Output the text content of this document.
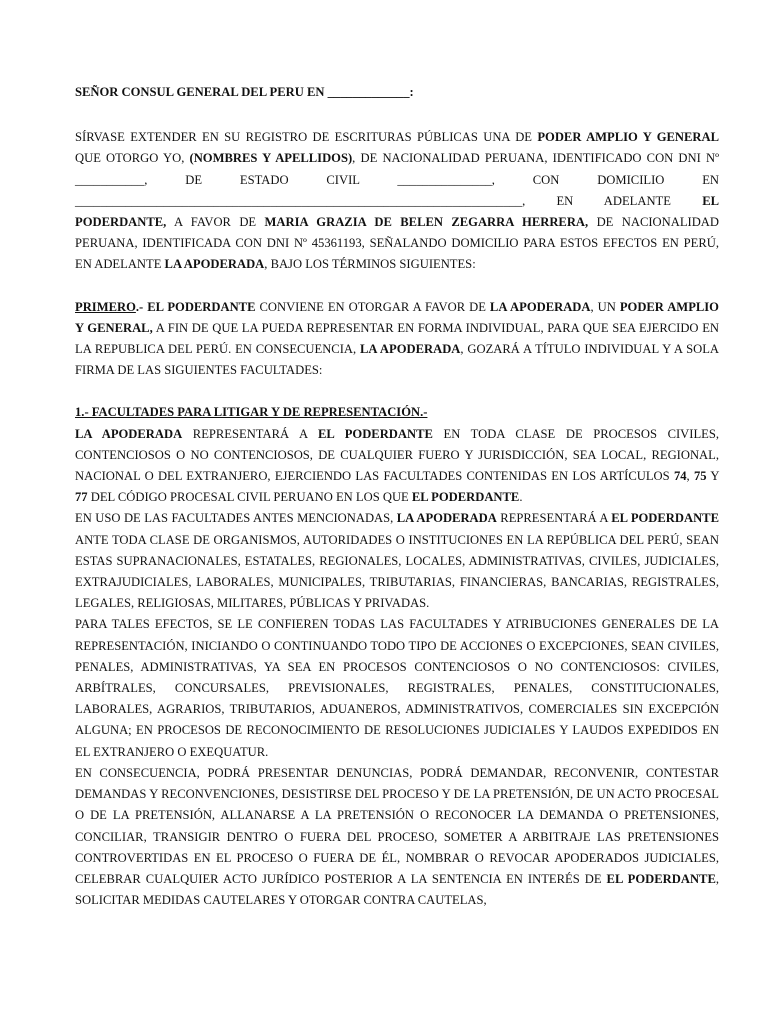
SEÑOR CONSUL GENERAL DEL PERU EN _____________:

SÍRVASE EXTENDER EN SU REGISTRO DE ESCRITURAS PÚBLICAS UNA DE PODER AMPLIO Y GENERAL QUE OTORGO YO, (NOMBRES Y APELLIDOS), DE NACIONALIDAD PERUANA, IDENTIFICADO CON DNI Nº ___________, DE ESTADO CIVIL _______________, CON DOMICILIO EN _______________________________________________________________________, EN ADELANTE EL PODERDANTE, A FAVOR DE MARIA GRAZIA DE BELEN ZEGARRA HERRERA, DE NACIONALIDAD PERUANA, IDENTIFICADA CON DNI Nº 45361193, SEÑALANDO DOMICILIO PARA ESTOS EFECTOS EN PERÚ, EN ADELANTE LA APODERADA, BAJO LOS TÉRMINOS SIGUIENTES:

PRIMERO.- EL PODERDANTE CONVIENE EN OTORGAR A FAVOR DE LA APODERADA, UN PODER AMPLIO Y GENERAL, A FIN DE QUE LA PUEDA REPRESENTAR EN FORMA INDIVIDUAL, PARA QUE SEA EJERCIDO EN LA REPUBLICA DEL PERÚ. EN CONSECUENCIA, LA APODERADA, GOZARÁ A TÍTULO INDIVIDUAL Y A SOLA FIRMA DE LAS SIGUIENTES FACULTADES:

1.- FACULTADES PARA LITIGAR Y DE REPRESENTACIÓN.-

LA APODERADA REPRESENTARÁ A EL PODERDANTE EN TODA CLASE DE PROCESOS CIVILES, CONTENCIOSOS O NO CONTENCIOSOS, DE CUALQUIER FUERO Y JURISDICCIÓN, SEA LOCAL, REGIONAL, NACIONAL O DEL EXTRANJERO, EJERCIENDO LAS FACULTADES CONTENIDAS EN LOS ARTÍCULOS 74, 75 Y 77 DEL CÓDIGO PROCESAL CIVIL PERUANO EN LOS QUE EL PODERDANTE.

EN USO DE LAS FACULTADES ANTES MENCIONADAS, LA APODERADA REPRESENTARÁ A EL PODERDANTE ANTE TODA CLASE DE ORGANISMOS, AUTORIDADES O INSTITUCIONES EN LA REPÚBLICA DEL PERÚ, SEAN ESTAS SUPRANACIONALES, ESTATALES, REGIONALES, LOCALES, ADMINISTRATIVAS, CIVILES, JUDICIALES, EXTRAJUDICIALES, LABORALES, MUNICIPALES, TRIBUTARIAS, FINANCIERAS, BANCARIAS, REGISTRALES, LEGALES, RELIGIOSAS, MILITARES, PÚBLICAS Y PRIVADAS.

PARA TALES EFECTOS, SE LE CONFIEREN TODAS LAS FACULTADES Y ATRIBUCIONES GENERALES DE LA REPRESENTACIÓN, INICIANDO O CONTINUANDO TODO TIPO DE ACCIONES O EXCEPCIONES, SEAN CIVILES, PENALES, ADMINISTRATIVAS, YA SEA EN PROCESOS CONTENCIOSOS O NO CONTENCIOSOS: CIVILES, ARBÍTRALES, CONCURSALES, PREVISIONALES, REGISTRALES, PENALES, CONSTITUCIONALES, LABORALES, AGRARIOS, TRIBUTARIOS, ADUANEROS, ADMINISTRATIVOS, COMERCIALES SIN EXCEPCIÓN ALGUNA; EN PROCESOS DE RECONOCIMIENTO DE RESOLUCIONES JUDICIALES Y LAUDOS EXPEDIDOS EN EL EXTRANJERO O EXEQUATUR.

EN CONSECUENCIA, PODRÁ PRESENTAR DENUNCIAS, PODRÁ DEMANDAR, RECONVENIR, CONTESTAR DEMANDAS Y RECONVENCIONES, DESISTIRSE DEL PROCESO Y DE LA PRETENSIÓN, DE UN ACTO PROCESAL O DE LA PRETENSIÓN, ALLANARSE A LA PRETENSIÓN O RECONOCER LA DEMANDA O PRETENSIONES, CONCILIAR, TRANSIGIR DENTRO O FUERA DEL PROCESO, SOMETER A ARBITRAJE LAS PRETENSIONES CONTROVERTIDAS EN EL PROCESO O FUERA DE ÉL, NOMBRAR O REVOCAR APODERADOS JUDICIALES, CELEBRAR CUALQUIER ACTO JURÍDICO POSTERIOR A LA SENTENCIA EN INTERÉS DE EL PODERDANTE, SOLICITAR MEDIDAS CAUTELARES Y OTORGAR CONTRA CAUTELAS,
